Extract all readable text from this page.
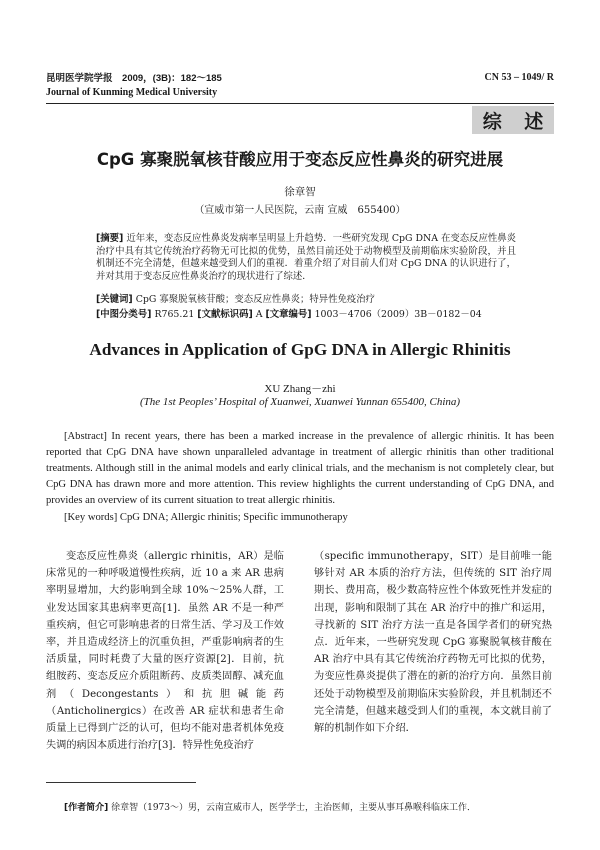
昆明医学院学报　 2009，(3B)：182～185
Journal of Kunming Medical University
CN 53 – 1049/ R
综 述
CpG 寡聚脱氧核苷酸应用于变态反应性鼻炎的研究进展
徐章智
（宣威市第一人民医院，云南 宣威　655400）
[摘要] 近年来，变态反应性鼻炎发病率呈明显上升趋势．一些研究发现 CpG DNA 在变态反应性鼻炎治疗中具有其它传统治疗药物无可比拟的优势，虽然目前还处于动物模型及前期临床实验阶段，并且机制还不完全清楚，但越来越受到人们的重视．着重介绍了对目前人们对 CpG DNA 的认识进行了，并对其用于变态反应性鼻炎治疗的现状进行了综述．
[关键词] CpG 寡聚脱氧核苷酸；变态反应性鼻炎；特异性免疫治疗
[中图分类号] R765.21 [文献标识码] A [文章编号] 1003－4706（2009）3B－0182－04
Advances in Application of GpG DNA in Allergic Rhinitis
XU Zhang－zhi
(The 1st Peoples’ Hospital of Xuanwei, Xuanwei Yunnan 655400, China)
[Abstract] In recent years, there has been a marked increase in the prevalence of allergic rhinitis. It has been reported that CpG DNA have shown unparalleled advantage in treatment of allergic rhinitis than other traditional treatments. Although still in the animal models and early clinical trials, and the mechanism is not completely clear, but CpG DNA has drawn more and more attention. This review highlights the current understanding of CpG DNA, and provides an overview of its current situation to treat allergic rhinitis.
[Key words] CpG DNA; Allergic rhinitis; Specific immunotherapy
变态反应性鼻炎（allergic rhinitis，AR）是临床常见的一种呼吸道慢性疾病，近 10 a 来 AR 患病率明显增加，大约影响到全球 10%～25%人群，工业发达国家其患病率更高[1]．虽然 AR 不是一种严重疾病，但它可影响患者的日常生活、学习及工作效率，并且造成经济上的沉重负担，严重影响病者的生活质量，同时耗费了大量的医疗资源[2]．目前，抗组胺药、变态反应介质阻断药、皮质类固醇、减充血剂（Decongestants）和抗胆碱能药（Anticholinergics）在改善 AR 症状和患者生命质量上已得到广泛的认可，但均不能对患者机体免疫失调的病因本质进行治疗[3]．特异性免疫治疗
（specific immunotherapy，SIT）是目前唯一能够针对 AR 本质的治疗方法，但传统的 SIT 治疗周期长、费用高，极少数高特应性个体致死性并发症的出现，影响和限制了其在 AR 治疗中的推广和运用，寻找新的 SIT 治疗方法一直是各国学者们的研究热点．近年来，一些研究发现 CpG 寡聚脱氧核苷酸在 AR 治疗中具有其它传统治疗药物无可比拟的优势，为变应性鼻炎提供了潜在的新的治疗方向．虽然目前还处于动物模型及前期临床实验阶段，并且机制还不完全清楚，但越来越受到人们的重视，本文就目前了解的机制作如下介绍．
[作者简介] 徐章智（1973～）男，云南宣威市人，医学学士，主治医师，主要从事耳鼻喉科临床工作．
